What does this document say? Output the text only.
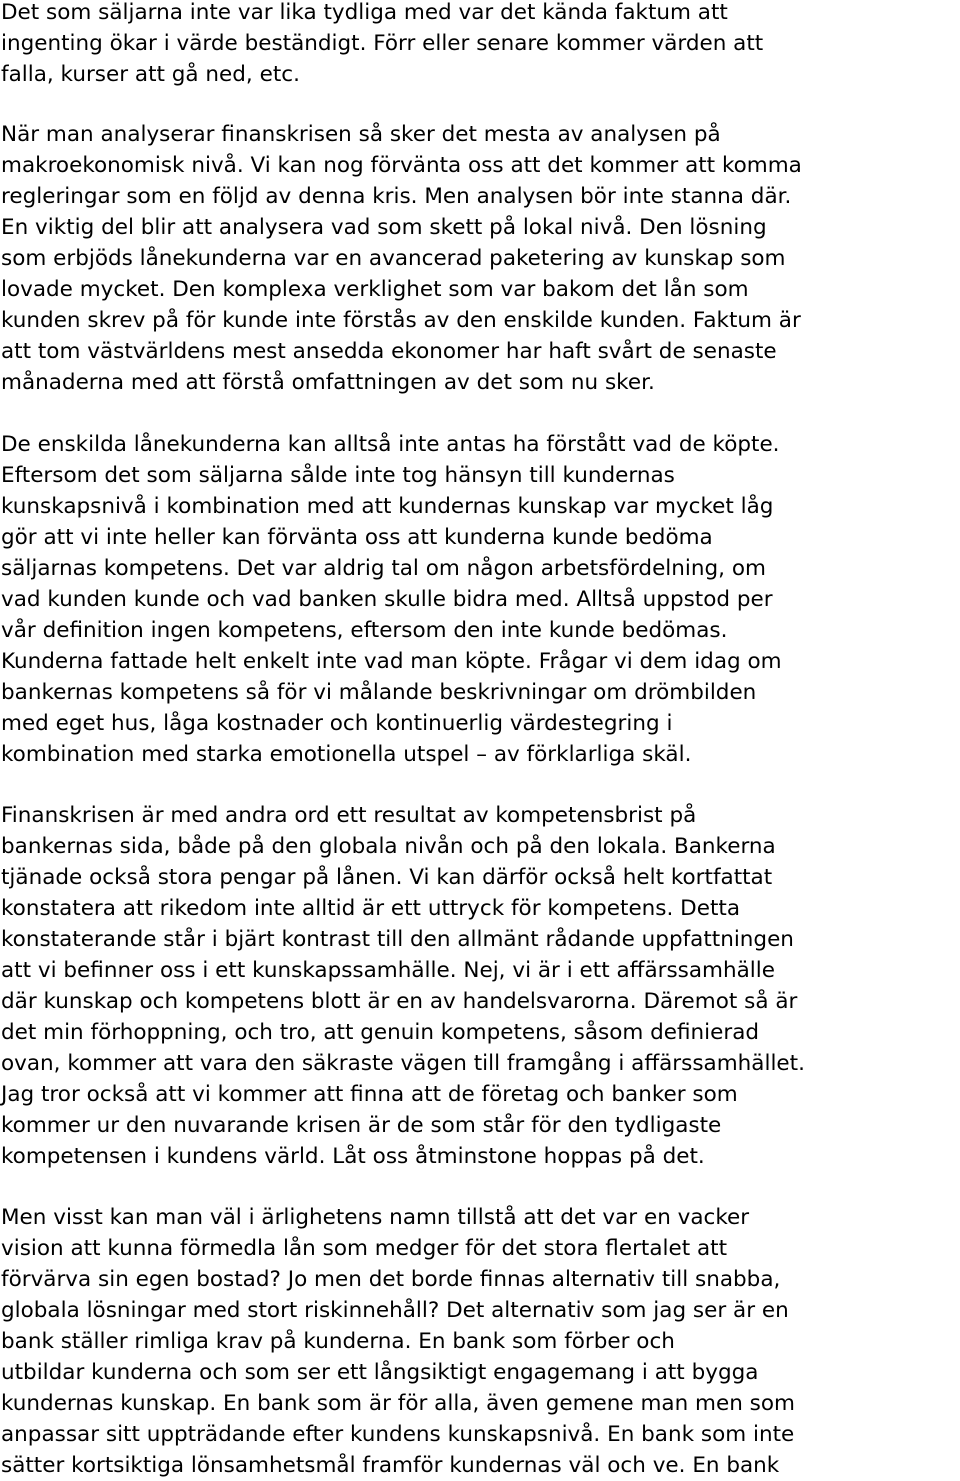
Det som säljarna inte var lika tydliga med var det kända faktum att
ingenting ökar i värde beständigt. Förr eller senare kommer värden att
falla, kurser att gå ned, etc.
När man analyserar finanskrisen så sker det mesta av analysen på
makroekonomisk nivå. Vi kan nog förvänta oss att det kommer att komma
regleringar som en följd av denna kris. Men analysen bör inte stanna där.
En viktig del blir att analysera vad som skett på lokal nivå. Den lösning
som erbjöds lånekunderna var en avancerad paketering av kunskap som
lovade mycket. Den komplexa verklighet som var bakom det lån som
kunden skrev på för kunde inte förstås av den enskilde kunden. Faktum är
att tom västvärldens mest ansedda ekonomer har haft svårt de senaste
månaderna med att förstå omfattningen av det som nu sker.
De enskilda lånekunderna kan alltså inte antas ha förstått vad de köpte.
Eftersom det som säljarna sålde inte tog hänsyn till kundernas
kunskapsnivå i kombination med att kundernas kunskap var mycket låg
gör att vi inte heller kan förvänta oss att kunderna kunde bedöma
säljarnas kompetens. Det var aldrig tal om någon arbetsfördelning, om
vad kunden kunde och vad banken skulle bidra med. Alltså uppstod per
vår definition ingen kompetens, eftersom den inte kunde bedömas.
Kunderna fattade helt enkelt inte vad man köpte. Frågar vi dem idag om
bankernas kompetens så för vi målande beskrivningar om drömbilden
med eget hus, låga kostnader och kontinuerlig värdestegring i
kombination med starka emotionella utspel – av förklarliga skäl.
Finanskrisen är med andra ord ett resultat av kompetensbrist på
bankernas sida, både på den globala nivån och på den lokala. Bankerna
tjänade också stora pengar på lånen. Vi kan därför också helt kortfattat
konstatera att rikedom inte alltid är ett uttryck för kompetens. Detta
konstaterande står i bjärt kontrast till den allmänt rådande uppfattningen
att vi befinner oss i ett kunskapssamhälle. Nej, vi är i ett affärssamhälle
där kunskap och kompetens blott är en av handelsvarorna. Däremot så är
det min förhoppning, och tro, att genuin kompetens, såsom definierad
ovan, kommer att vara den säkraste vägen till framgång i affärssamhället.
Jag tror också att vi kommer att finna att de företag och banker som
kommer ur den nuvarande krisen är de som står för den tydligaste
kompetensen i kundens värld. Låt oss åtminstone hoppas på det.
Men visst kan man väl i ärlighetens namn tillstå att det var en vacker
vision att kunna förmedla lån som medger för det stora flertalet att
förvärva sin egen bostad? Jo men det borde finnas alternativ till snabba,
globala lösningar med stort riskinnehåll? Det alternativ som jag ser är en
bank ställer rimliga krav på kunderna. En bank som förber och
utbildar kunderna och som ser ett långsiktigt engagemang i att bygga
kundernas kunskap. En bank som är för alla, även gemene man men som
anpassar sitt uppträdande efter kundens kunskapsnivå. En bank som inte
sätter kortsiktiga lönsamhetsmål framför kundernas väl och ve. En bank
